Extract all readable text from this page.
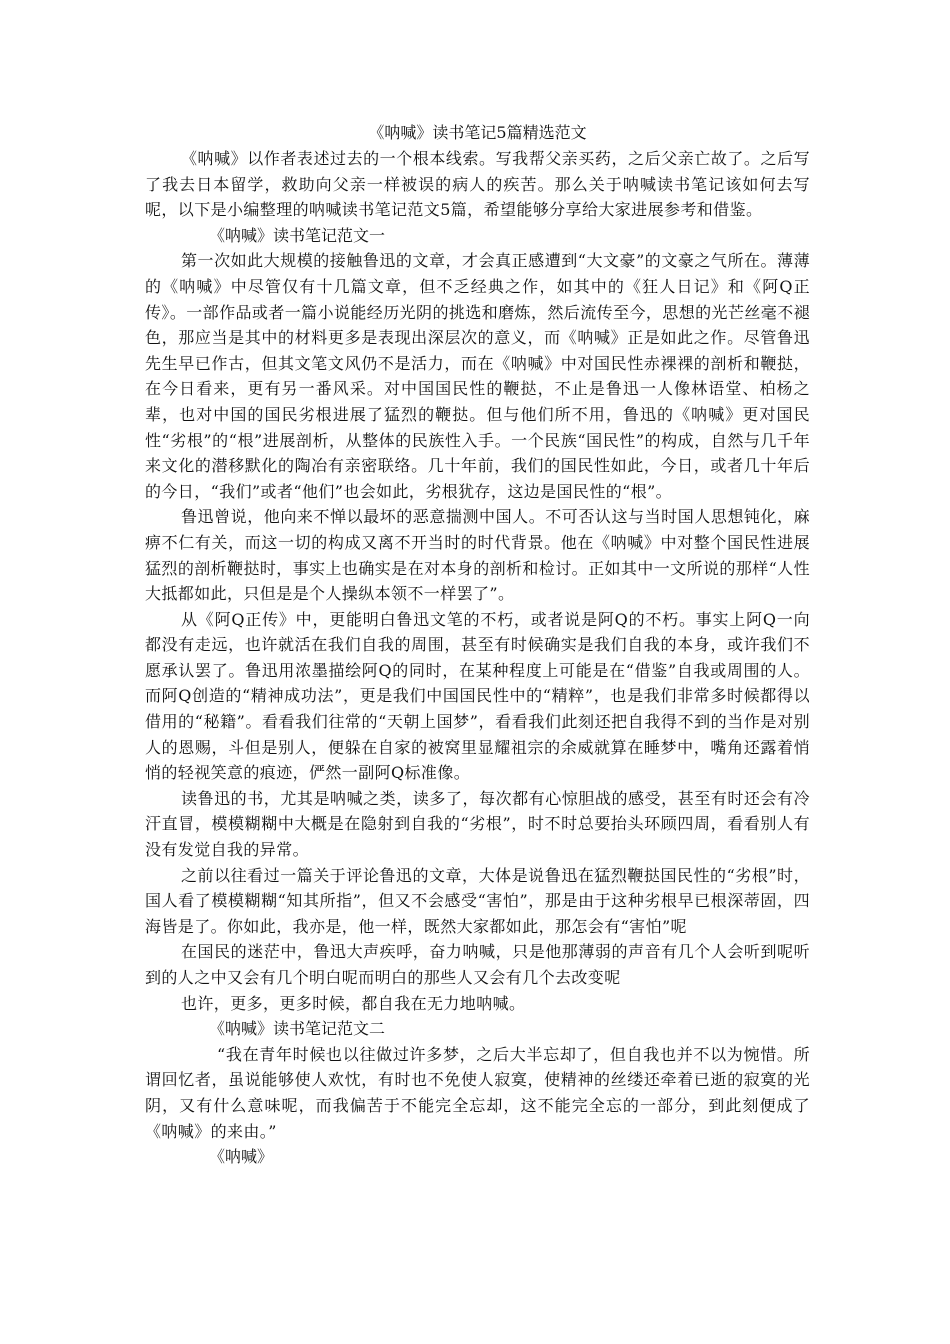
《呐喊》读书笔记5篇精选范文

《呐喊》以作者表述过去的一个根本线索。写我帮父亲买药，之后父亲亡故了。之后写了我去日本留学，救助向父亲一样被误的病人的疾苦。那么关于呐喊读书笔记该如何去写呢，以下是小编整理的呐喊读书笔记范文5篇，希望能够分享给大家进展参考和借鉴。

《呐喊》读书笔记范文一

第一次如此大规模的接触鲁迅的文章，才会真正感遭到“大文豪”的文豪之气所在。薄薄的《呐喊》中尽管仅有十几篇文章，但不乏经典之作，如其中的《狂人日记》和《阿Q正传》。一部作品或者一篇小说能经历光阴的挑选和磨炼，然后流传至今，思想的光芒丝毫不褪色，那应当是其中的材料更多是表现出深层次的意义，而《呐喊》正是如此之作。尽管鲁迅先生早已作古，但其文笔文风仍不是活力，而在《呐喊》中对国民性赤裸裸的剖析和鞭挞，在今日看来，更有另一番风采。对中国国民性的鞭挞，不止是鲁迅一人像林语堂、柏杨之辈，也对中国的国民劣根进展了猛烈的鞭挞。但与他们所不用，鲁迅的《呐喊》更对国民性“劣根”的“根”进展剖析，从整体的民族性入手。一个民族“国民性”的构成，自然与几千年来文化的潜移默化的陶冶有亲密联络。几十年前，我们的国民性如此，今日，或者几十年后的今日，“我们”或者“他们”也会如此，劣根犹存，这边是国民性的“根”。

鲁迅曾说，他向来不惮以最坏的恶意揣测中国人。不可否认这与当时国人思想钝化，麻痹不仁有关，而这一切的构成又离不开当时的时代背景。他在《呐喊》中对整个国民性进展猛烈的剖析鞭挞时，事实上也确实是在对本身的剖析和检讨。正如其中一文所说的那样“人性大抵都如此，只但是是个人操纵本领不一样罢了”。

从《阿Q正传》中，更能明白鲁迅文笔的不朽，或者说是阿Q的不朽。事实上阿Q一向都没有走远，也许就活在我们自我的周围，甚至有时候确实是我们自我的本身，或许我们不愿承认罢了。鲁迅用浓墨描绘阿Q的同时，在某种程度上可能是在“借鉴”自我或周围的人。而阿Q创造的“精神成功法”，更是我们中国国民性中的“精粹”，也是我们非常多时候都得以借用的“秘籍”。看看我们往常的“天朝上国梦”，看看我们此刻还把自我得不到的当作是对别人的恩赐，斗但是别人，便躲在自家的被窝里显耀祖宗的余威就算在睡梦中，嘴角还露着悄悄的轻视笑意的痕迹，俨然一副阿Q标准像。

读鲁迅的书，尤其是呐喊之类，读多了，每次都有心惊胆战的感受，甚至有时还会有冷汗直冒，模模糊糊中大概是在隐射到自我的“劣根”，时不时总要抬头环顾四周，看看别人有没有发觉自我的异常。

之前以往看过一篇关于评论鲁迅的文章，大体是说鲁迅在猛烈鞭挞国民性的“劣根”时，国人看了模模糊糊“知其所指”，但又不会感受“害怕”，那是由于这种劣根早已根深蒂固，四海皆是了。你如此，我亦是，他一样，既然大家都如此，那怎会有“害怕”呢

在国民的迷茫中，鲁迅大声疾呼，奋力呐喊，只是他那薄弱的声音有几个人会听到呢听到的人之中又会有几个明白呢而明白的那些人又会有几个去改变呢

也许，更多，更多时候，都自我在无力地呐喊。

《呐喊》读书笔记范文二

“我在青年时候也以往做过许多梦，之后大半忘却了，但自我也并不以为惋惜。所谓回忆者，虽说能够使人欢忱，有时也不免使人寂寞，使精神的丝缕还牵着已逝的寂寞的光阴，又有什么意味呢，而我偏苦于不能完全忘却，这不能完全忘的一部分，到此刻便成了《呐喊》的来由。”

《呐喊》
